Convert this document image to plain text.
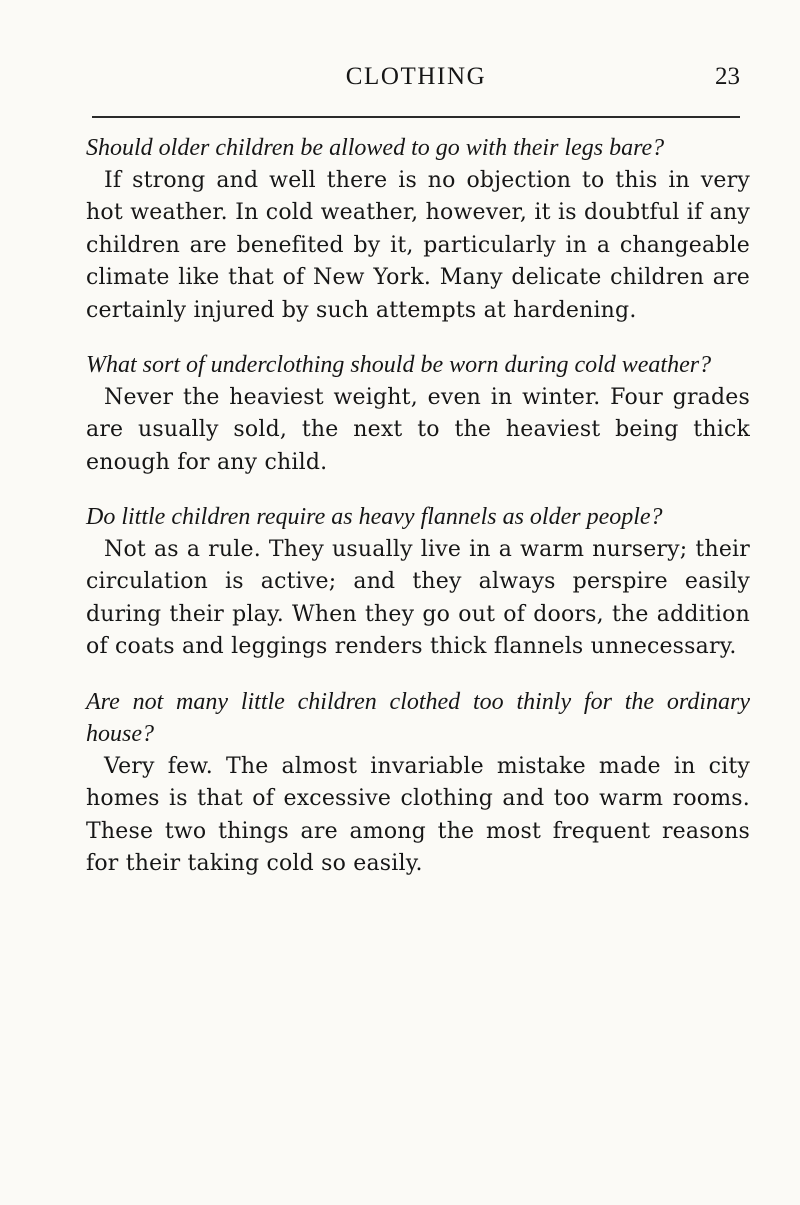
CLOTHING	23

Should older children be allowed to go with their legs bare?

If strong and well there is no objection to this in very hot weather. In cold weather, however, it is doubtful if any children are benefited by it, particularly in a changeable climate like that of New York. Many delicate children are certainly injured by such attempts at hardening.

What sort of underclothing should be worn during cold weather?

Never the heaviest weight, even in winter. Four grades are usually sold, the next to the heaviest being thick enough for any child.

Do little children require as heavy flannels as older people?

Not as a rule. They usually live in a warm nursery; their circulation is active; and they always perspire easily during their play. When they go out of doors, the addition of coats and leggings renders thick flannels unnecessary.

Are not many little children clothed too thinly for the ordinary house?

Very few. The almost invariable mistake made in city homes is that of excessive clothing and too warm rooms. These two things are among the most frequent reasons for their taking cold so easily.
